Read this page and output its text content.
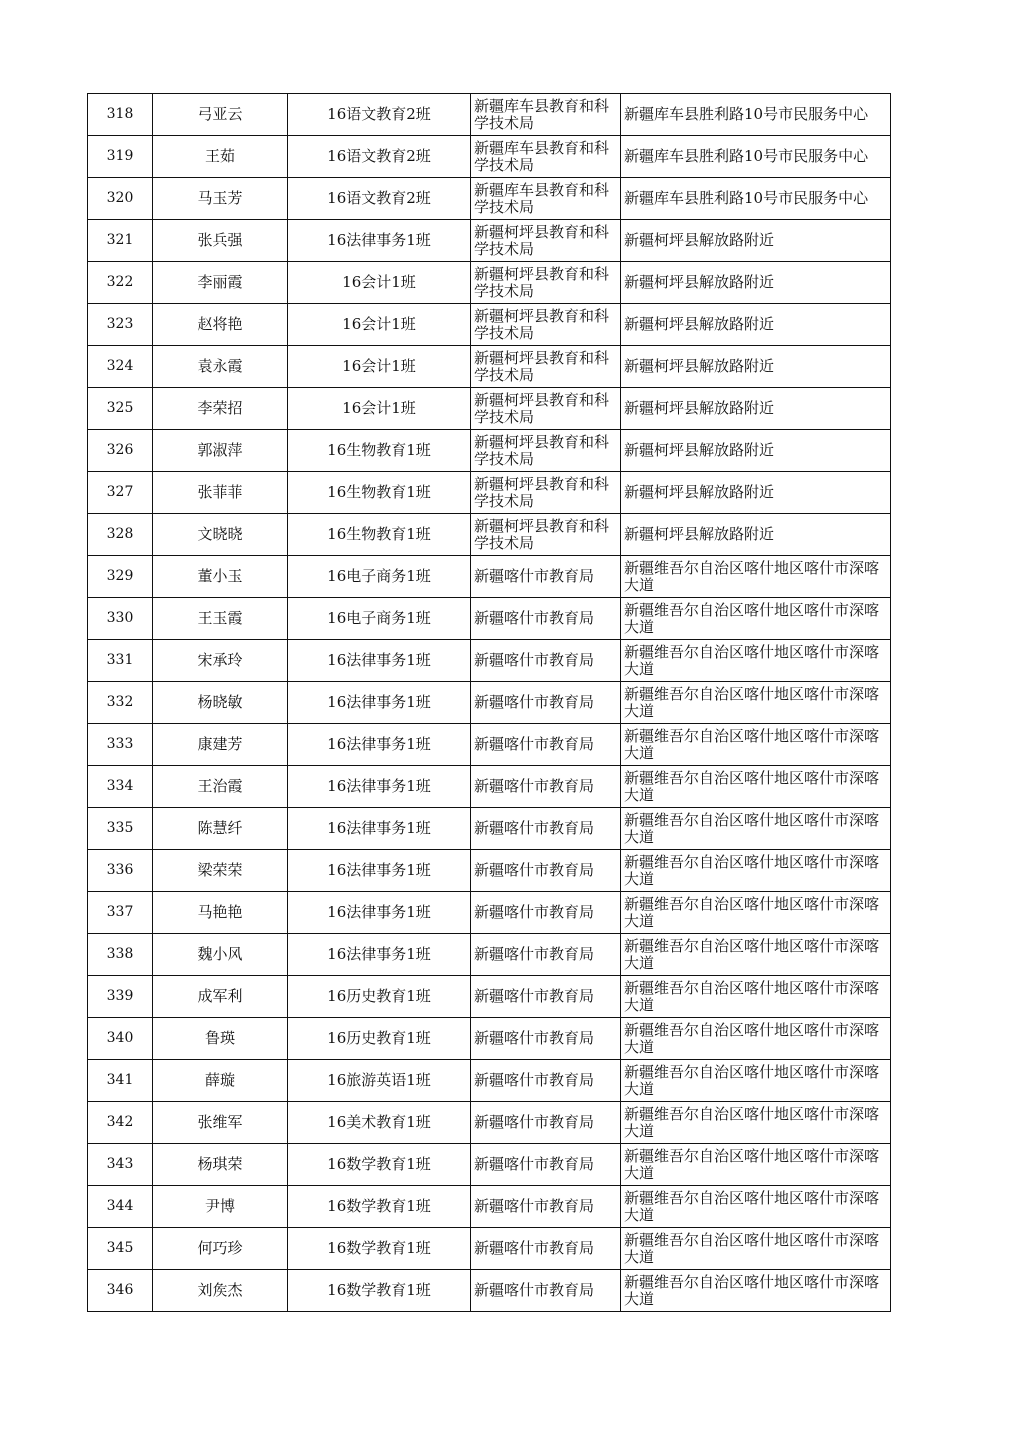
318	弓亚云	16语文教育2班	新疆库车县教育和科学技术局	新疆库车县胜利路10号市民服务中心
319	王茹	16语文教育2班	新疆库车县教育和科学技术局	新疆库车县胜利路10号市民服务中心
320	马玉芳	16语文教育2班	新疆库车县教育和科学技术局	新疆库车县胜利路10号市民服务中心
321	张兵强	16法律事务1班	新疆柯坪县教育和科学技术局	新疆柯坪县解放路附近
322	李丽霞	16会计1班	新疆柯坪县教育和科学技术局	新疆柯坪县解放路附近
323	赵将艳	16会计1班	新疆柯坪县教育和科学技术局	新疆柯坪县解放路附近
324	袁永霞	16会计1班	新疆柯坪县教育和科学技术局	新疆柯坪县解放路附近
325	李荣招	16会计1班	新疆柯坪县教育和科学技术局	新疆柯坪县解放路附近
326	郭淑萍	16生物教育1班	新疆柯坪县教育和科学技术局	新疆柯坪县解放路附近
327	张菲菲	16生物教育1班	新疆柯坪县教育和科学技术局	新疆柯坪县解放路附近
328	文晓晓	16生物教育1班	新疆柯坪县教育和科学技术局	新疆柯坪县解放路附近
329	董小玉	16电子商务1班	新疆喀什市教育局	新疆维吾尔自治区喀什地区喀什市深喀大道
330	王玉霞	16电子商务1班	新疆喀什市教育局	新疆维吾尔自治区喀什地区喀什市深喀大道
331	宋承玲	16法律事务1班	新疆喀什市教育局	新疆维吾尔自治区喀什地区喀什市深喀大道
332	杨晓敏	16法律事务1班	新疆喀什市教育局	新疆维吾尔自治区喀什地区喀什市深喀大道
333	康建芳	16法律事务1班	新疆喀什市教育局	新疆维吾尔自治区喀什地区喀什市深喀大道
334	王治霞	16法律事务1班	新疆喀什市教育局	新疆维吾尔自治区喀什地区喀什市深喀大道
335	陈慧纤	16法律事务1班	新疆喀什市教育局	新疆维吾尔自治区喀什地区喀什市深喀大道
336	梁荣荣	16法律事务1班	新疆喀什市教育局	新疆维吾尔自治区喀什地区喀什市深喀大道
337	马艳艳	16法律事务1班	新疆喀什市教育局	新疆维吾尔自治区喀什地区喀什市深喀大道
338	魏小风	16法律事务1班	新疆喀什市教育局	新疆维吾尔自治区喀什地区喀什市深喀大道
339	成军利	16历史教育1班	新疆喀什市教育局	新疆维吾尔自治区喀什地区喀什市深喀大道
340	鲁瑛	16历史教育1班	新疆喀什市教育局	新疆维吾尔自治区喀什地区喀什市深喀大道
341	薛璇	16旅游英语1班	新疆喀什市教育局	新疆维吾尔自治区喀什地区喀什市深喀大道
342	张维军	16美术教育1班	新疆喀什市教育局	新疆维吾尔自治区喀什地区喀什市深喀大道
343	杨琪荣	16数学教育1班	新疆喀什市教育局	新疆维吾尔自治区喀什地区喀什市深喀大道
344	尹博	16数学教育1班	新疆喀什市教育局	新疆维吾尔自治区喀什地区喀什市深喀大道
345	何巧珍	16数学教育1班	新疆喀什市教育局	新疆维吾尔自治区喀什地区喀什市深喀大道
346	刘矦杰	16数学教育1班	新疆喀什市教育局	新疆维吾尔自治区喀什地区喀什市深喀大道
